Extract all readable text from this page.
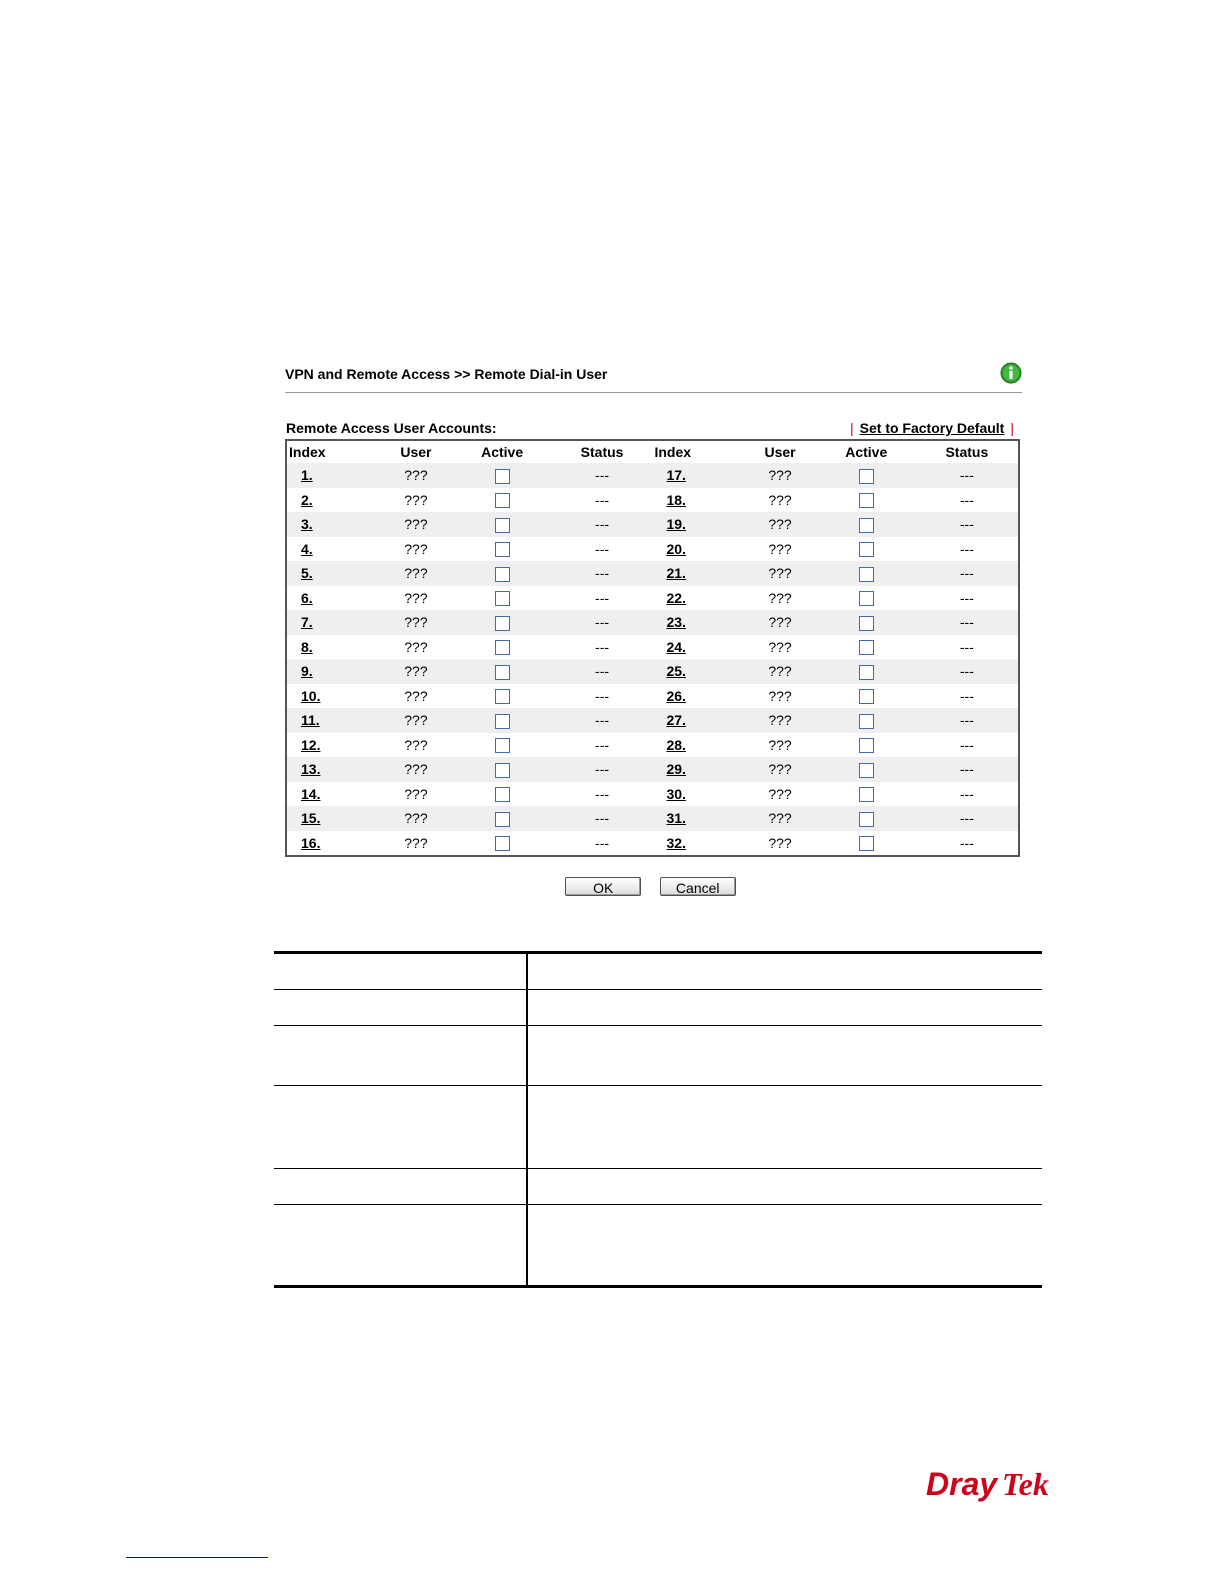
VPN and Remote Access >> Remote Dial-in User
Remote Access User Accounts:	| Set to Factory Default |
Index	User	Active	Status	Index	User	Active	Status
1.	???		---	17.	???		---
2.	???		---	18.	???		---
3.	???		---	19.	???		---
4.	???		---	20.	???		---
5.	???		---	21.	???		---
6.	???		---	22.	???		---
7.	???		---	23.	???		---
8.	???		---	24.	???		---
9.	???		---	25.	???		---
10.	???		---	26.	???		---
11.	???		---	27.	???		---
12.	???		---	28.	???		---
13.	???		---	29.	???		---
14.	???		---	30.	???		---
15.	???		---	31.	???		---
16.	???		---	32.	???		---
OK	Cancel

Dray Tek
